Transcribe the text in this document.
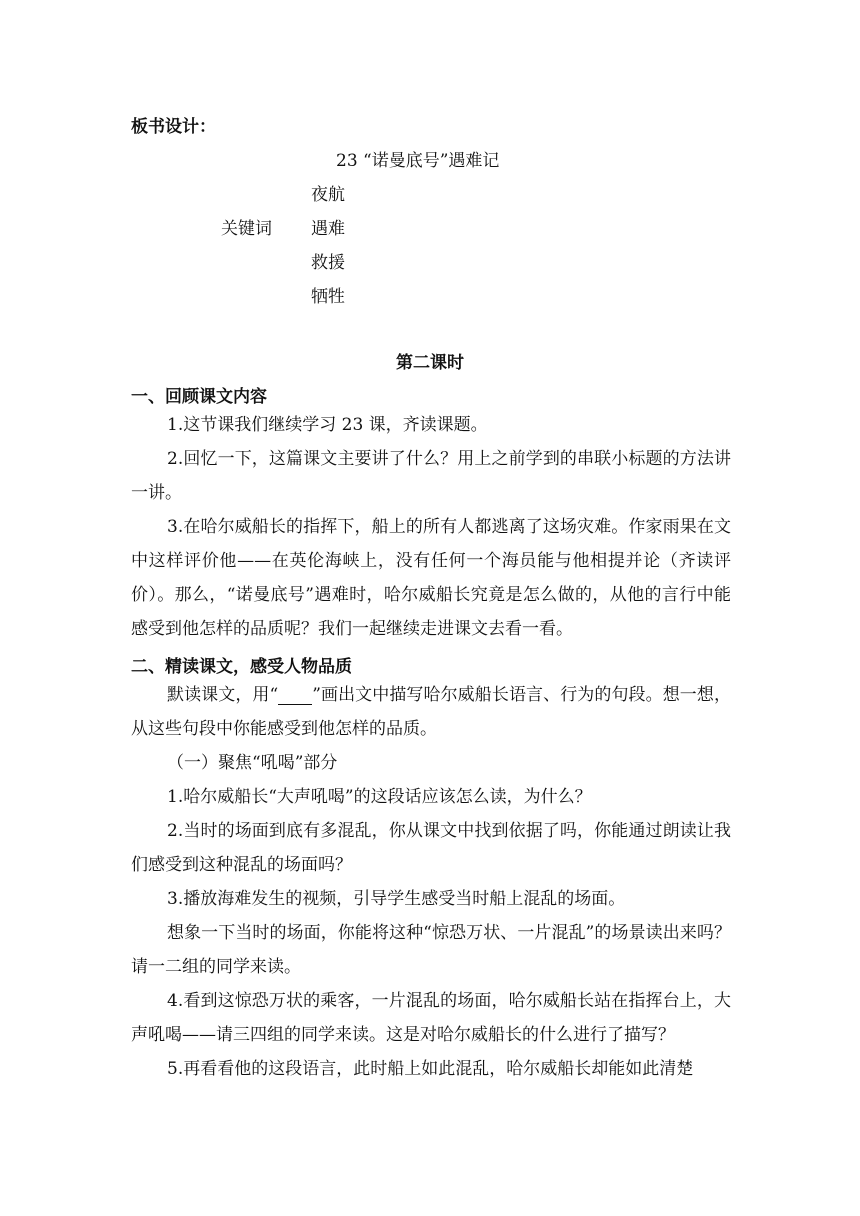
板书设计：
23 “诺曼底号”遇难记
夜航
关键词 遇难
救援
牺牲
第二课时
一、回顾课文内容
1.这节课我们继续学习 23 课，齐读课题。
2.回忆一下，这篇课文主要讲了什么？用上之前学到的串联小标题的方法讲一讲。
3.在哈尔威船长的指挥下，船上的所有人都逃离了这场灾难。作家雨果在文中这样评价他——在英伦海峡上，没有任何一个海员能与他相提并论（齐读评价）。那么，“诺曼底号”遇难时，哈尔威船长究竟是怎么做的，从他的言行中能感受到他怎样的品质呢？我们一起继续走进课文去看一看。
二、精读课文，感受人物品质
默读课文，用“ ”画出文中描写哈尔威船长语言、行为的句段。想一想，从这些句段中你能感受到他怎样的品质。
（一）聚焦“吼喝”部分
1.哈尔威船长“大声吼喝”的这段话应该怎么读，为什么？
2.当时的场面到底有多混乱，你从课文中找到依据了吗，你能通过朗读让我们感受到这种混乱的场面吗？
3.播放海难发生的视频，引导学生感受当时船上混乱的场面。
想象一下当时的场面，你能将这种“惊恐万状、一片混乱”的场景读出来吗？请一二组的同学来读。
4.看到这惊恐万状的乘客，一片混乱的场面，哈尔威船长站在指挥台上，大声吼喝——请三四组的同学来读。这是对哈尔威船长的什么进行了描写？
5.再看看他的这段语言，此时船上如此混乱，哈尔威船长却能如此清楚
